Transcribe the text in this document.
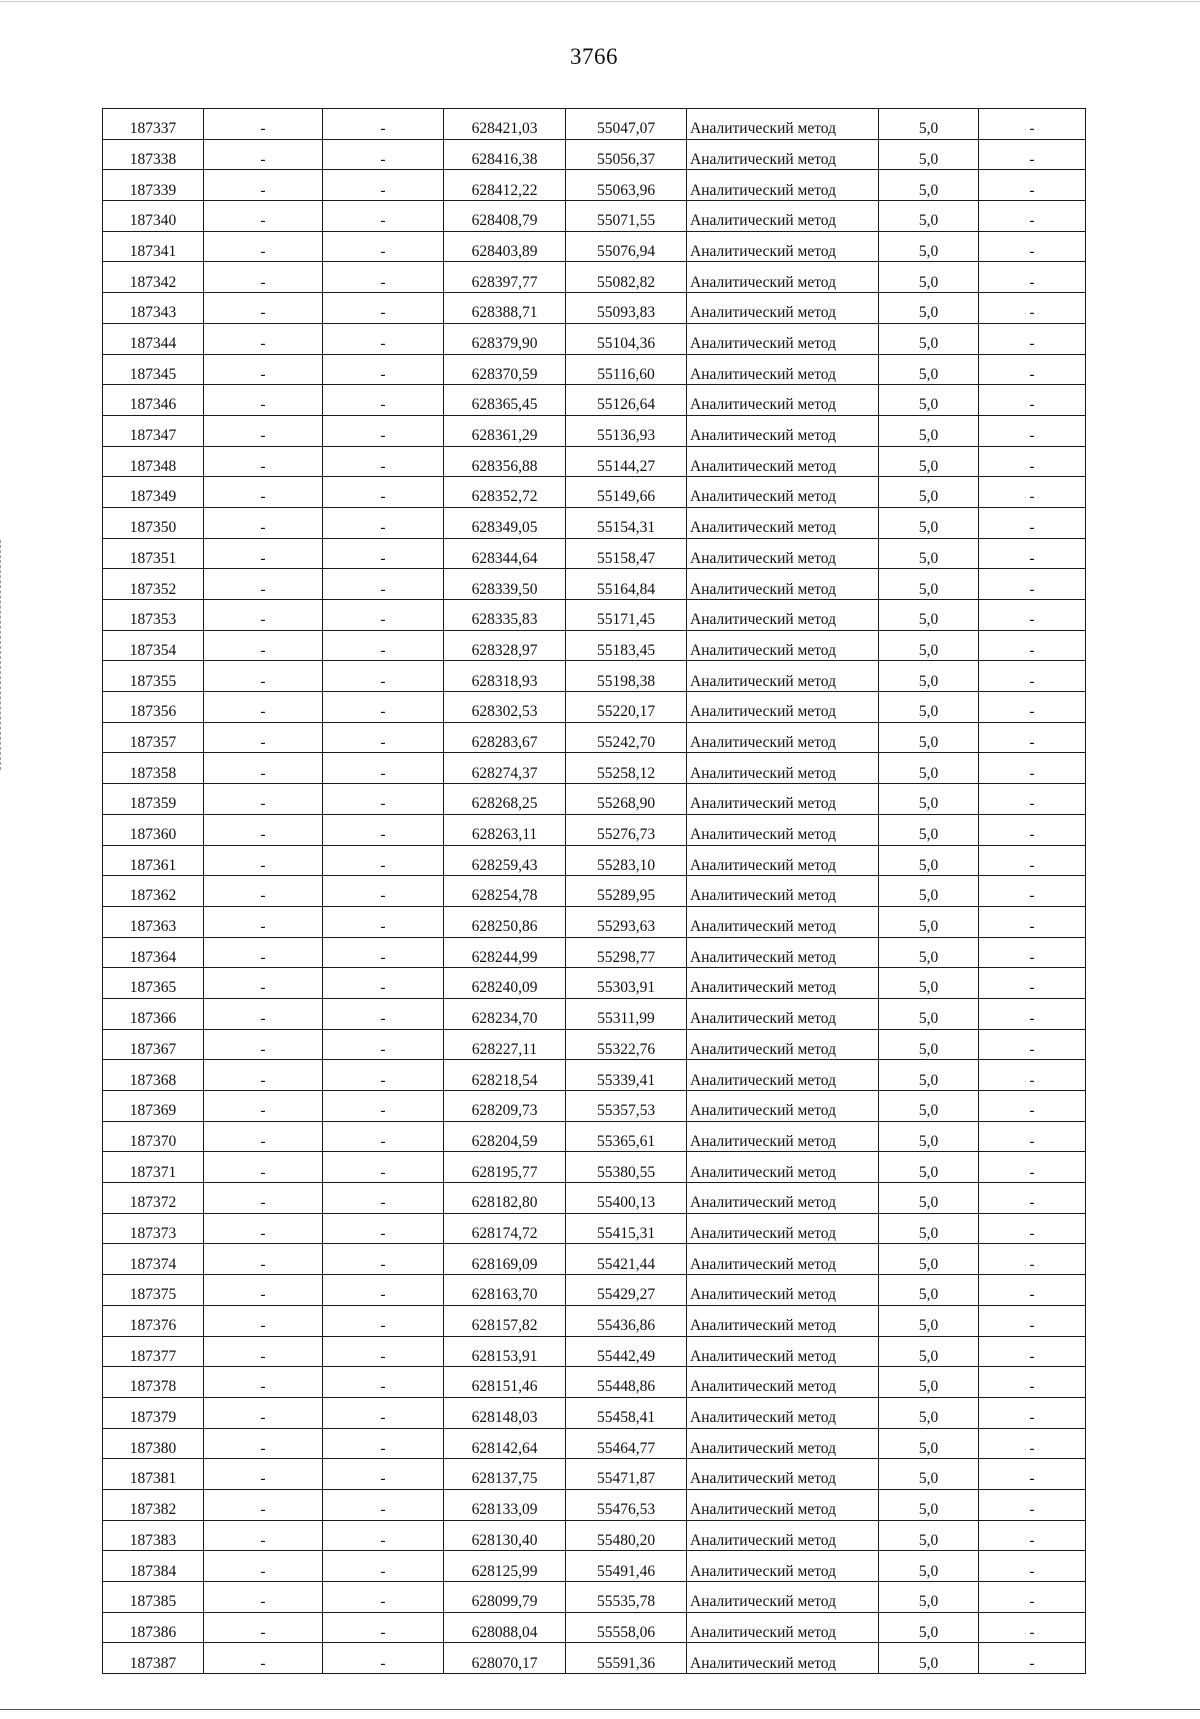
3766
187337	-	-	628421,03	55047,07	Аналитический метод	5,0	-
187338	-	-	628416,38	55056,37	Аналитический метод	5,0	-
187339	-	-	628412,22	55063,96	Аналитический метод	5,0	-
187340	-	-	628408,79	55071,55	Аналитический метод	5,0	-
187341	-	-	628403,89	55076,94	Аналитический метод	5,0	-
187342	-	-	628397,77	55082,82	Аналитический метод	5,0	-
187343	-	-	628388,71	55093,83	Аналитический метод	5,0	-
187344	-	-	628379,90	55104,36	Аналитический метод	5,0	-
187345	-	-	628370,59	55116,60	Аналитический метод	5,0	-
187346	-	-	628365,45	55126,64	Аналитический метод	5,0	-
187347	-	-	628361,29	55136,93	Аналитический метод	5,0	-
187348	-	-	628356,88	55144,27	Аналитический метод	5,0	-
187349	-	-	628352,72	55149,66	Аналитический метод	5,0	-
187350	-	-	628349,05	55154,31	Аналитический метод	5,0	-
187351	-	-	628344,64	55158,47	Аналитический метод	5,0	-
187352	-	-	628339,50	55164,84	Аналитический метод	5,0	-
187353	-	-	628335,83	55171,45	Аналитический метод	5,0	-
187354	-	-	628328,97	55183,45	Аналитический метод	5,0	-
187355	-	-	628318,93	55198,38	Аналитический метод	5,0	-
187356	-	-	628302,53	55220,17	Аналитический метод	5,0	-
187357	-	-	628283,67	55242,70	Аналитический метод	5,0	-
187358	-	-	628274,37	55258,12	Аналитический метод	5,0	-
187359	-	-	628268,25	55268,90	Аналитический метод	5,0	-
187360	-	-	628263,11	55276,73	Аналитический метод	5,0	-
187361	-	-	628259,43	55283,10	Аналитический метод	5,0	-
187362	-	-	628254,78	55289,95	Аналитический метод	5,0	-
187363	-	-	628250,86	55293,63	Аналитический метод	5,0	-
187364	-	-	628244,99	55298,77	Аналитический метод	5,0	-
187365	-	-	628240,09	55303,91	Аналитический метод	5,0	-
187366	-	-	628234,70	55311,99	Аналитический метод	5,0	-
187367	-	-	628227,11	55322,76	Аналитический метод	5,0	-
187368	-	-	628218,54	55339,41	Аналитический метод	5,0	-
187369	-	-	628209,73	55357,53	Аналитический метод	5,0	-
187370	-	-	628204,59	55365,61	Аналитический метод	5,0	-
187371	-	-	628195,77	55380,55	Аналитический метод	5,0	-
187372	-	-	628182,80	55400,13	Аналитический метод	5,0	-
187373	-	-	628174,72	55415,31	Аналитический метод	5,0	-
187374	-	-	628169,09	55421,44	Аналитический метод	5,0	-
187375	-	-	628163,70	55429,27	Аналитический метод	5,0	-
187376	-	-	628157,82	55436,86	Аналитический метод	5,0	-
187377	-	-	628153,91	55442,49	Аналитический метод	5,0	-
187378	-	-	628151,46	55448,86	Аналитический метод	5,0	-
187379	-	-	628148,03	55458,41	Аналитический метод	5,0	-
187380	-	-	628142,64	55464,77	Аналитический метод	5,0	-
187381	-	-	628137,75	55471,87	Аналитический метод	5,0	-
187382	-	-	628133,09	55476,53	Аналитический метод	5,0	-
187383	-	-	628130,40	55480,20	Аналитический метод	5,0	-
187384	-	-	628125,99	55491,46	Аналитический метод	5,0	-
187385	-	-	628099,79	55535,78	Аналитический метод	5,0	-
187386	-	-	628088,04	55558,06	Аналитический метод	5,0	-
187387	-	-	628070,17	55591,36	Аналитический метод	5,0	-
